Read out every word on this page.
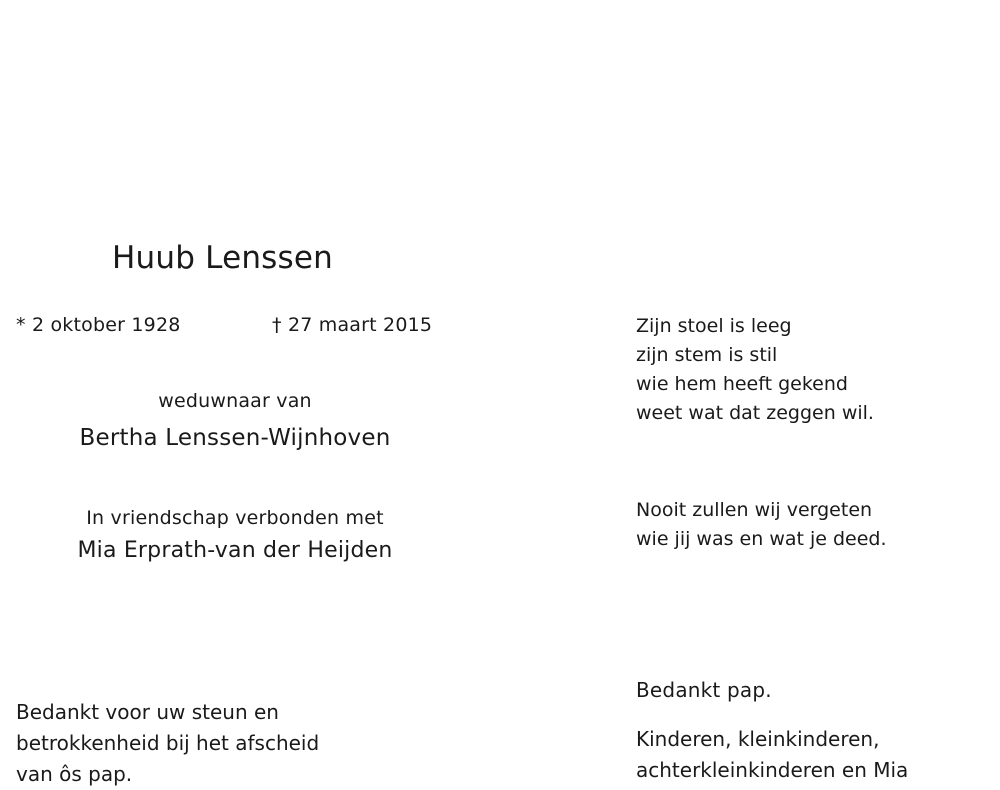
Huub Lenssen

* 2 oktober 1928	† 27 maart 2015

weduwnaar van

Bertha Lenssen-Wijnhoven

In vriendschap verbonden met

Mia Erprath-van der Heijden

Zijn stoel is leeg
zijn stem is stil
wie hem heeft gekend
weet wat dat zeggen wil.
Nooit zullen wij vergeten
wie jij was en wat je deed.
Bedankt voor uw steun en
betrokkenheid bij het afscheid
van ôs pap.

Bedankt pap.

Kinderen, kleinkinderen,
achterkleinkinderen en Mia
